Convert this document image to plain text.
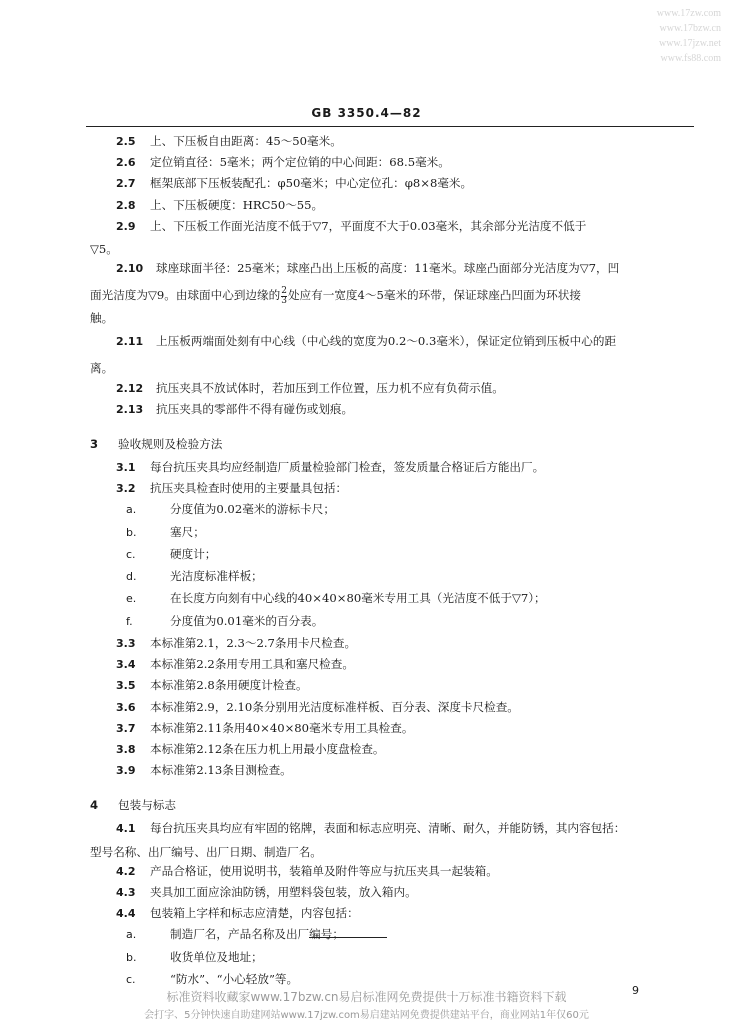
www.17zw.com
www.17bzw.cn
www.17jzw.net
www.fs88.com
GB 3350.4—82
2.5	上、下压板自由距离：45～50毫米。
2.6	定位销直径：5毫米；两个定位销的中心间距：68.5毫米。
2.7	框架底部下压板装配孔：φ50毫米；中心定位孔：φ8×8毫米。
2.8	上、下压板硬度：HRC50～55。
2.9	上、下压板工作面光洁度不低于▽7，平面度不大于0.03毫米，其余部分光洁度不低于
▽5。
2.10	球座球面半径：25毫米；球座凸出上压板的高度：11毫米。球座凸面部分光洁度为▽7，凹
面光洁度为▽9。由球面中心到边缘的 $\frac{2}{3}$ 处应有一宽度4～5毫米的环带，保证球座凸凹面为环状接
触。
2.11	上压板两端面处刻有中心线（中心线的宽度为0.2～0.3毫米），保证定位销到压板中心的距
离。
2.12	抗压夹具不放试体时，若加压到工作位置，压力机不应有负荷示值。
2.13	抗压夹具的零部件不得有碰伤或划痕。
3	验收规则及检验方法
3.1	每台抗压夹具均应经制造厂质量检验部门检查，签发质量合格证后方能出厂。
3.2	抗压夹具检查时使用的主要量具包括：
a.	分度值为0.02毫米的游标卡尺；
b.	塞尺；
c.	硬度计；
d.	光洁度标准样板；
e.	在长度方向刻有中心线的40×40×80毫米专用工具（光洁度不低于▽7）；
f.	分度值为0.01毫米的百分表。
3.3	本标准第2.1，2.3～2.7条用卡尺检查。
3.4	本标准第2.2条用专用工具和塞尺检查。
3.5	本标准第2.8条用硬度计检查。
3.6	本标准第2.9，2.10条分别用光洁度标准样板、百分表、深度卡尺检查。
3.7	本标准第2.11条用40×40×80毫米专用工具检查。
3.8	本标准第2.12条在压力机上用最小度盘检查。
3.9	本标准第2.13条目测检查。
4	包装与标志
4.1	每台抗压夹具均应有牢固的铭牌，表面和标志应明亮、清晰、耐久，并能防锈，其内容包括：
型号名称、出厂编号、出厂日期、制造厂名。
4.2	产品合格证，使用说明书，装箱单及附件等应与抗压夹具一起装箱。
4.3	夹具加工面应涂油防锈，用塑料袋包装，放入箱内。
4.4	包装箱上字样和标志应清楚，内容包括：
a.	制造厂名，产品名称及出厂编号；
b.	收货单位及地址；
c.	“防水”、“小心轻放”等。
9
标准资料收藏家www.17bzw.cn易启标准网免费提供十万标准书籍资料下载
会打字、5分钟快速自助建网站www.17jzw.com易启建站网免费提供建站平台，商业网站1年仅60元
